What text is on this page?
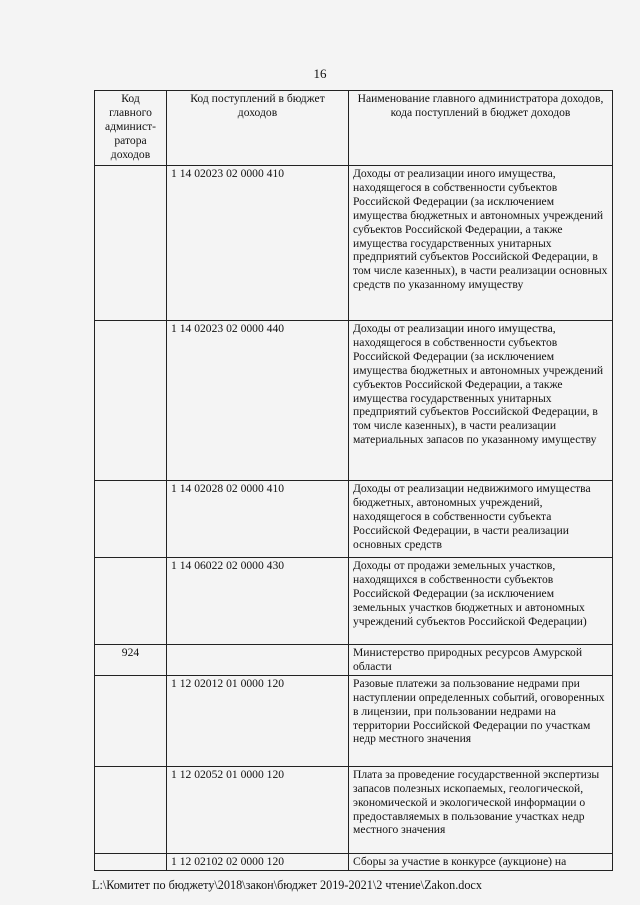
16
Код главного админист-ратора доходов	Код поступлений в бюджет доходов	Наименование главного администратора доходов, кода поступлений в бюджет доходов
	1 14 02023 02 0000 410	Доходы от реализации иного имущества, находящегося в собственности субъектов Российской Федерации (за исключением имущества бюджетных и автономных учреждений субъектов Российской Федерации, а также имущества государственных унитарных предприятий субъектов Российской Федерации, в том числе казенных), в части реализации основных средств по указанному имуществу
	1 14 02023 02 0000 440	Доходы от реализации иного имущества, находящегося в собственности субъектов Российской Федерации (за исключением имущества бюджетных и автономных учреждений субъектов Российской Федерации, а также имущества государственных унитарных предприятий субъектов Российской Федерации, в том числе казенных), в части реализации материальных запасов по указанному имуществу
	1 14 02028 02 0000 410	Доходы от реализации недвижимого имущества бюджетных, автономных учреждений, находящегося в собственности субъекта Российской Федерации, в части реализации основных средств
	1 14 06022 02 0000 430	Доходы от продажи земельных участков, находящихся в собственности субъектов Российской Федерации (за исключением земельных участков бюджетных и автономных учреждений субъектов Российской Федерации)
924		Министерство природных ресурсов Амурской области
	1 12 02012 01 0000 120	Разовые платежи за пользование недрами при наступлении определенных событий, оговоренных в лицензии, при пользовании недрами на территории Российской Федерации по участкам недр местного значения
	1 12 02052 01 0000 120	Плата за проведение государственной экспертизы запасов полезных ископаемых, геологической, экономической и экологической информации о предоставляемых в пользование участках недр местного значения
	1 12 02102 02 0000 120	Сборы за участие в конкурсе (аукционе) на
L:\Комитет по бюджету\2018\закон\бюджет 2019-2021\2 чтение\Zakon.docx
